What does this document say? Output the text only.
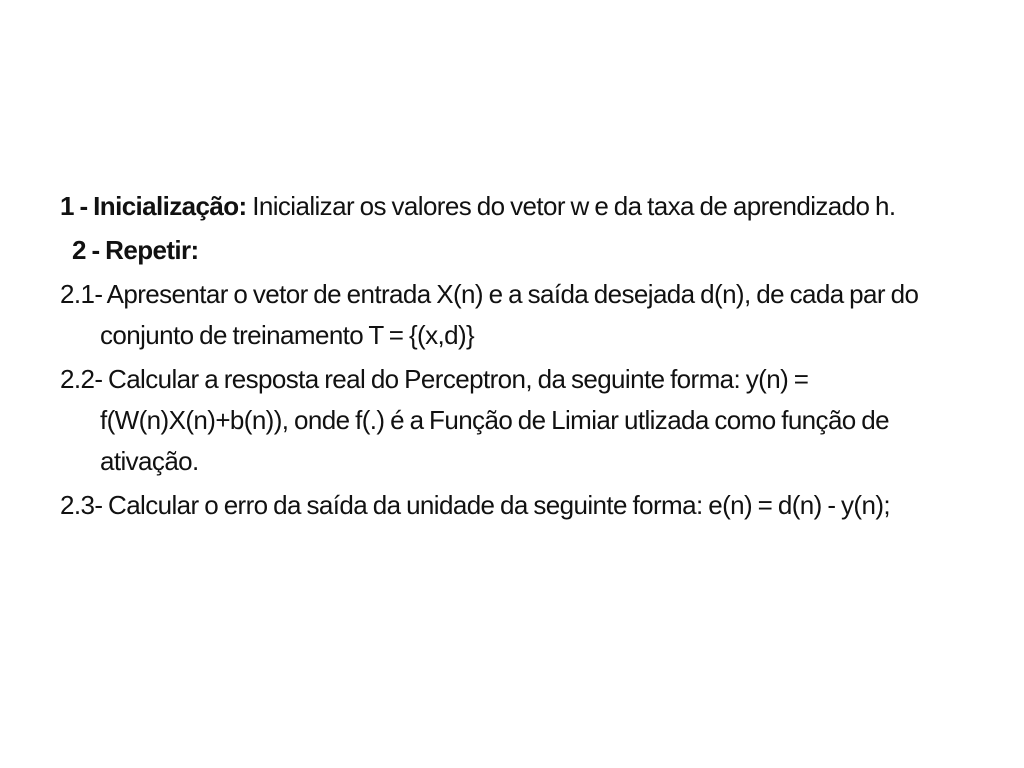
1 - Inicialização: Inicializar os valores do vetor w e da taxa de aprendizado h.

2 - Repetir:

2.1- Apresentar o vetor de entrada X(n) e a saída desejada d(n), de cada par do conjunto de treinamento T = {(x,d)}

2.2- Calcular a resposta real do Perceptron, da seguinte forma: y(n) = f(W(n)X(n)+b(n)), onde f(.) é a Função de Limiar utlizada como função de ativação.

2.3- Calcular o erro da saída da unidade da seguinte forma: e(n) = d(n) - y(n);
